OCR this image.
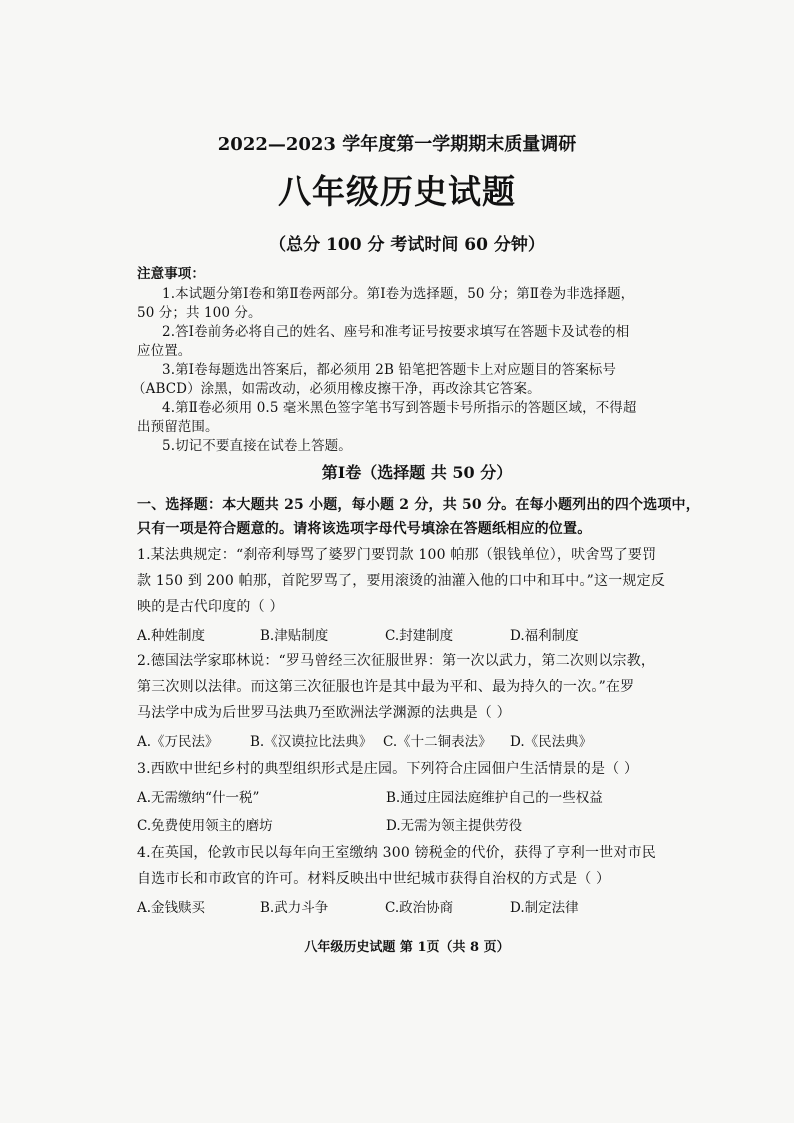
2022—2023 学年度第一学期期末质量调研
八年级历史试题
（总分 100 分 考试时间 60 分钟）
注意事项：
1.本试题分第Ⅰ卷和第Ⅱ卷两部分。第Ⅰ卷为选择题，50 分；第Ⅱ卷为非选择题，
50 分；共 100 分。
2.答Ⅰ卷前务必将自己的姓名、座号和准考证号按要求填写在答题卡及试卷的相
应位置。
3.第Ⅰ卷每题选出答案后，都必须用 2B 铅笔把答题卡上对应题目的答案标号
（ABCD）涂黑，如需改动，必须用橡皮擦干净，再改涂其它答案。
4.第Ⅱ卷必须用 0.5 毫米黑色签字笔书写到答题卡号所指示的答题区域，不得超
出预留范围。
5.切记不要直接在试卷上答题。
第Ⅰ卷（选择题 共 50 分）
一、选择题：本大题共 25 小题，每小题 2 分，共 50 分。在每小题列出的四个选项中，
只有一项是符合题意的。请将该选项字母代号填涂在答题纸相应的位置。
1.某法典规定：“刹帝利辱骂了婆罗门要罚款 100 帕那（银钱单位），吠舍骂了要罚
款 150 到 200 帕那，首陀罗骂了，要用滚烫的油灌入他的口中和耳中。”这一规定反
映的是古代印度的（ ）
A.种姓制度	B.津贴制度	C.封建制度	D.福利制度
2.德国法学家耶林说：“罗马曾经三次征服世界：第一次以武力，第二次则以宗教，
第三次则以法律。而这第三次征服也许是其中最为平和、最为持久的一次。”在罗
马法学中成为后世罗马法典乃至欧洲法学渊源的法典是（ ）
A.《万民法》 B.《汉谟拉比法典》 C.《十二铜表法》 D.《民法典》
3.西欧中世纪乡村的典型组织形式是庄园。下列符合庄园佃户生活情景的是（ ）
A.无需缴纳“什一税”	B.通过庄园法庭维护自己的一些权益
C.免费使用领主的磨坊	D.无需为领主提供劳役
4.在英国，伦敦市民以每年向王室缴纳 300 镑税金的代价，获得了亨利一世对市民
自选市长和市政官的许可。材料反映出中世纪城市获得自治权的方式是（ ）
A.金钱赎买	B.武力斗争	C.政治协商	D.制定法律
八年级历史试题 第 1页（共 8 页）
